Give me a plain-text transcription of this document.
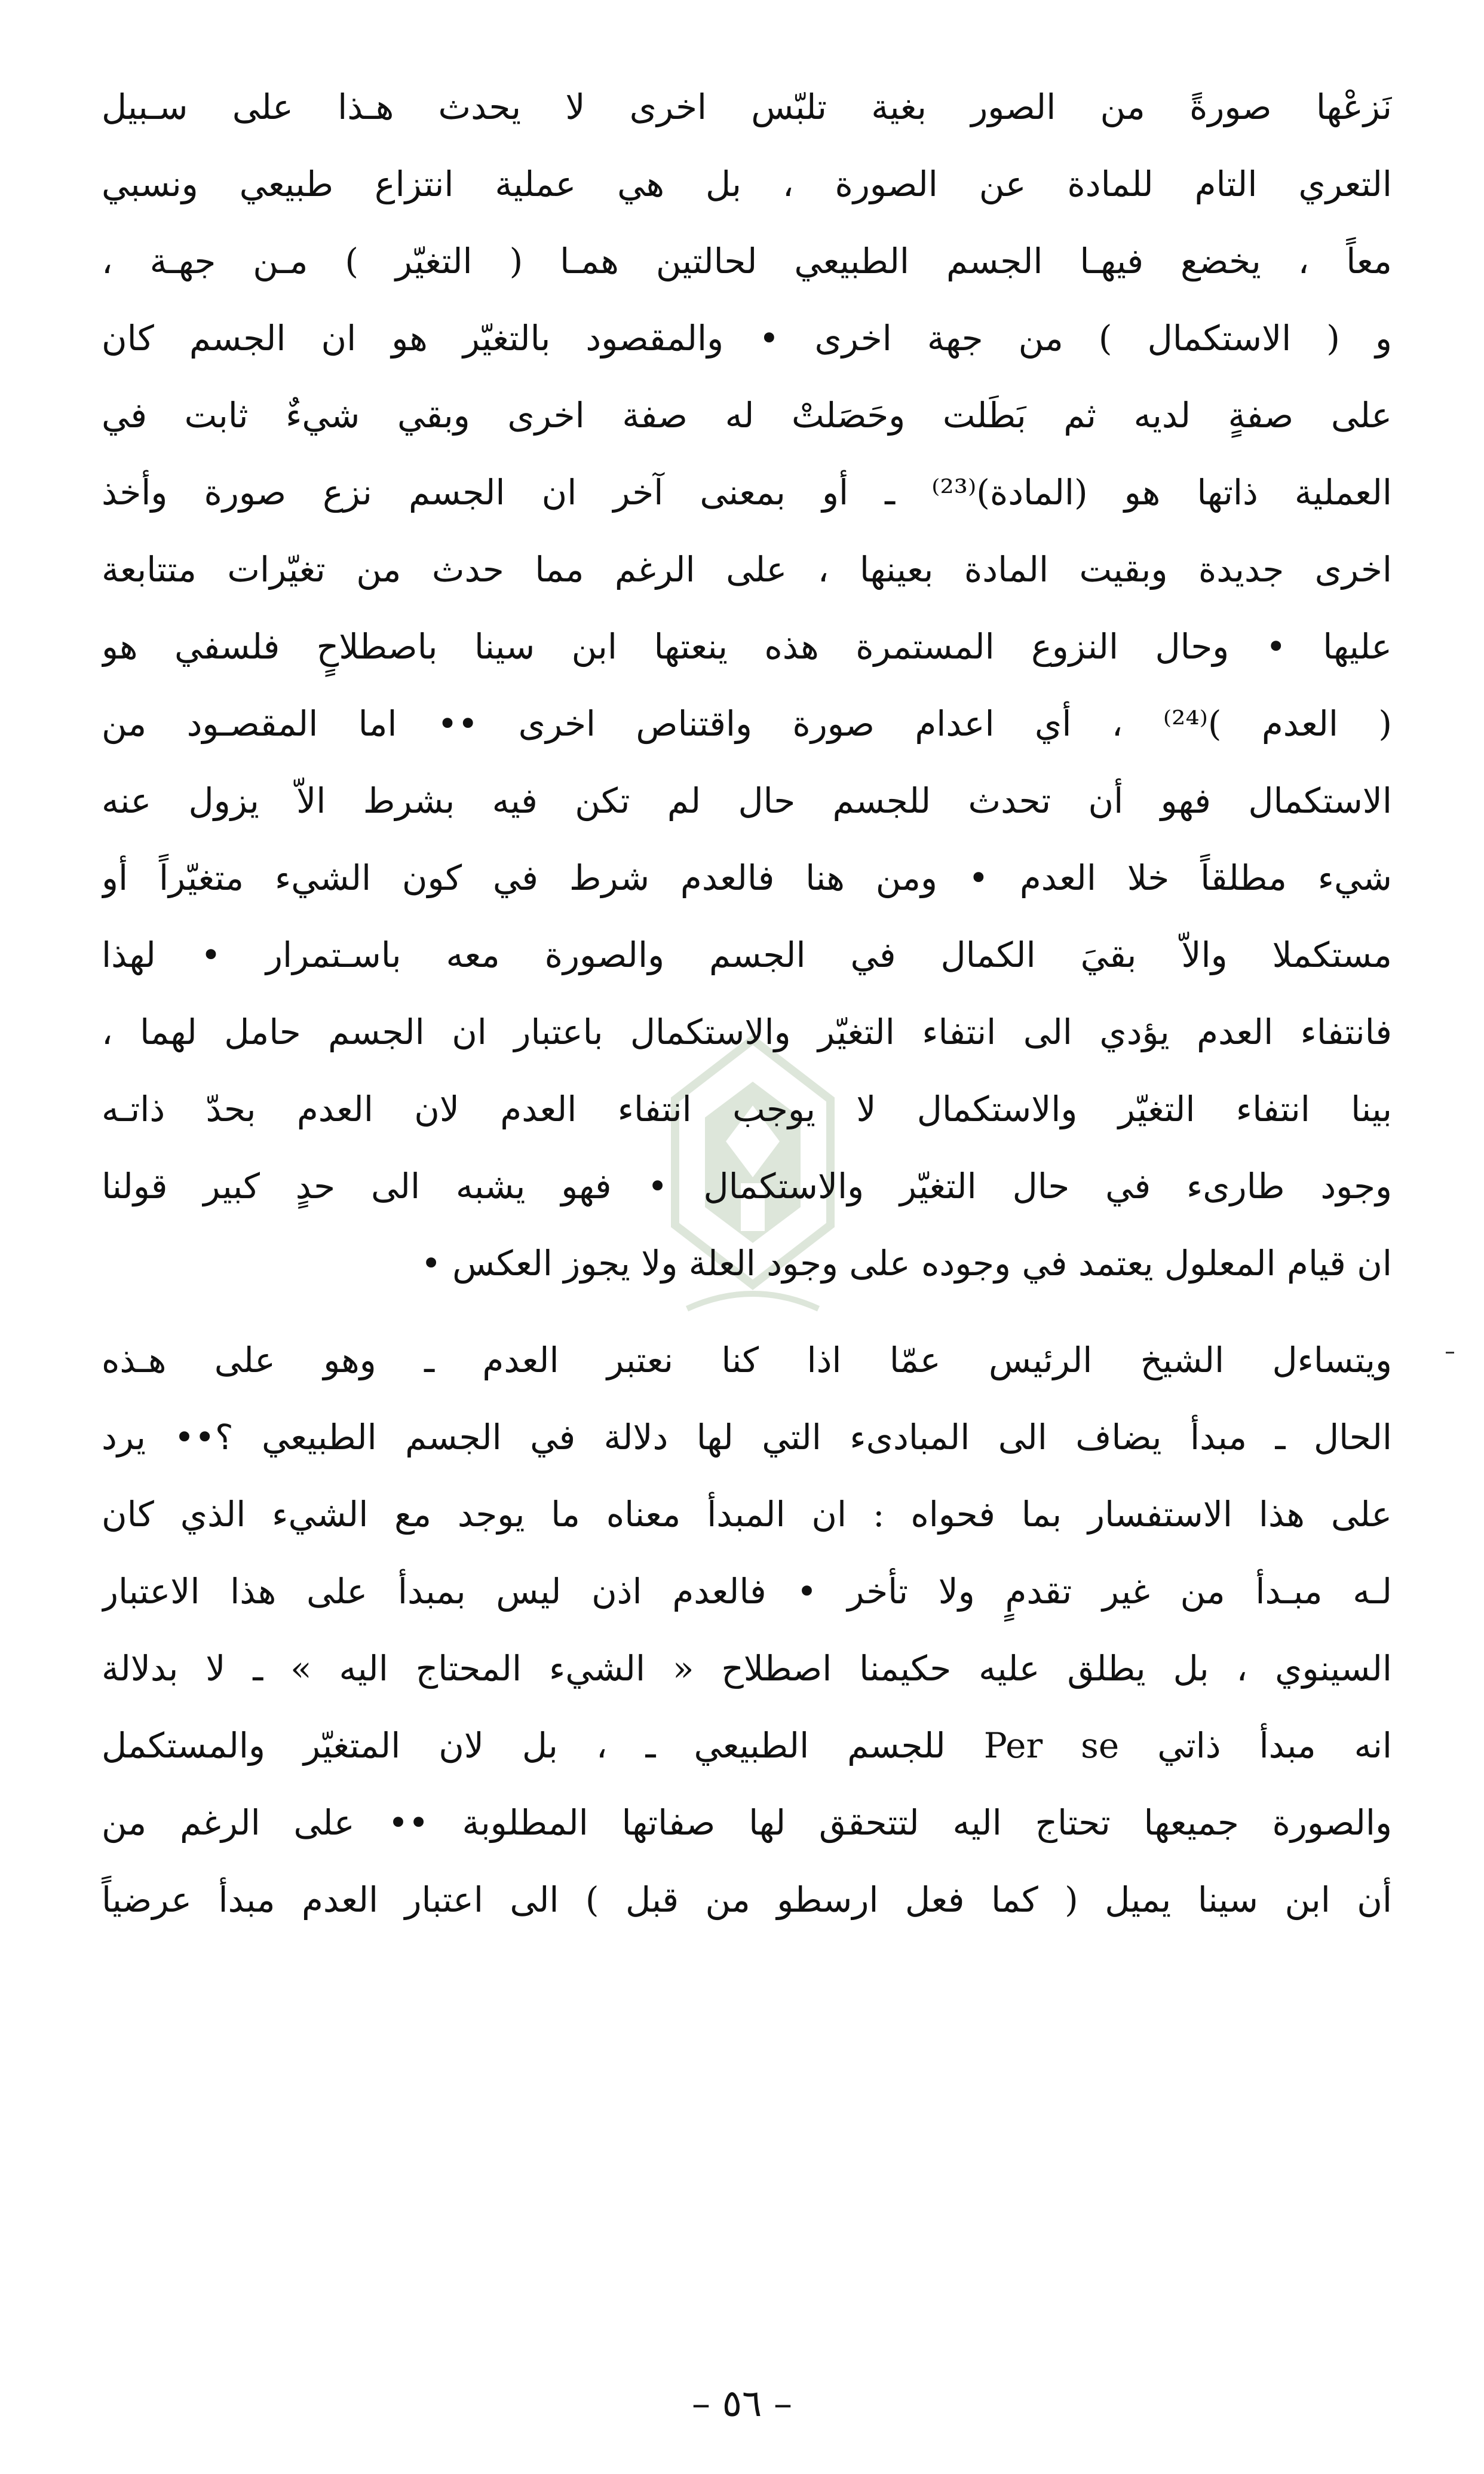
نَزعْها صورةً من الصور بغية تلبّس اخرى لا يحدث هـذا على سـبيل
التعري التام للمادة عن الصورة ، بل هي عملية انتزاع طبيعي ونسبي
معاً ، يخضع فيهـا الجسم الطبيعي لحالتين همـا ( التغيّر ) مـن جهـة ،
و ( الاستكمال ) من جهة اخرى • والمقصود بالتغيّر هو ان الجسم كان
على صفةٍ لديه ثم بَطَلت وحَصَلتْ له صفة اخرى وبقي شيءٌ ثابت في
العملية ذاتها هو (المادة)⁽²³⁾ ـ أو بمعنى آخر ان الجسم نزع صورة وأخذ
اخرى جديدة وبقيت المادة بعينها ، على الرغم مما حدث من تغيّرات متتابعة
عليها • وحال النزوع المستمرة هذه ينعتها ابن سينا باصطلاحٍ فلسفي هو
( العدم )⁽²⁴⁾ ، أي اعدام صورة واقتناص اخرى •• اما المقصـود من
الاستكمال فهو أن تحدث للجسم حال لم تكن فيه بشرط الاّ يزول عنه
شيء مطلقاً خلا العدم • ومن هنا فالعدم شرط في كون الشيء متغيّراً أو
مستكملا والاّ بقيَ الكمال في الجسم والصورة معه باسـتمرار • لهذا
فانتفاء العدم يؤدي الى انتفاء التغيّر والاستكمال باعتبار ان الجسم حامل لهما ،
بينا انتفاء التغيّر والاستكمال لا يوجب انتفاء العدم لان العدم بحدّ ذاتـه
وجود طارىء في حال التغيّر والاستكمال • فهو يشبه الى حدٍ كبير قولنا
ان قيام المعلول يعتمد في وجوده على وجود العلة ولا يجوز العكس •
ويتساءل الشيخ الرئيس عمّا اذا كنا نعتبر العدم ـ وهو على هـذه
الحال ـ مبدأ يضاف الى المبادىء التي لها دلالة في الجسم الطبيعي ؟•• يرد
على هذا الاستفسار بما فحواه : ان المبدأ معناه ما يوجد مع الشيء الذي كان
لـه مبـدأ من غير تقدمٍ ولا تأخر • فالعدم اذن ليس بمبدأ على هذا الاعتبار
السينوي ، بل يطلق عليه حكيمنا اصطلاح « الشيء المحتاج اليه » ـ لا بدلالة
انه مبدأ ذاتي Per se للجسم الطبيعي ـ ، بل لان المتغيّر والمستكمل
والصورة جميعها تحتاج اليه لتتحقق لها صفاتها المطلوبة •• على الرغم من
أن ابن سينا يميل ( كما فعل ارسطو من قبل ) الى اعتبار العدم مبدأ عرضياً
– ٥٦ –
